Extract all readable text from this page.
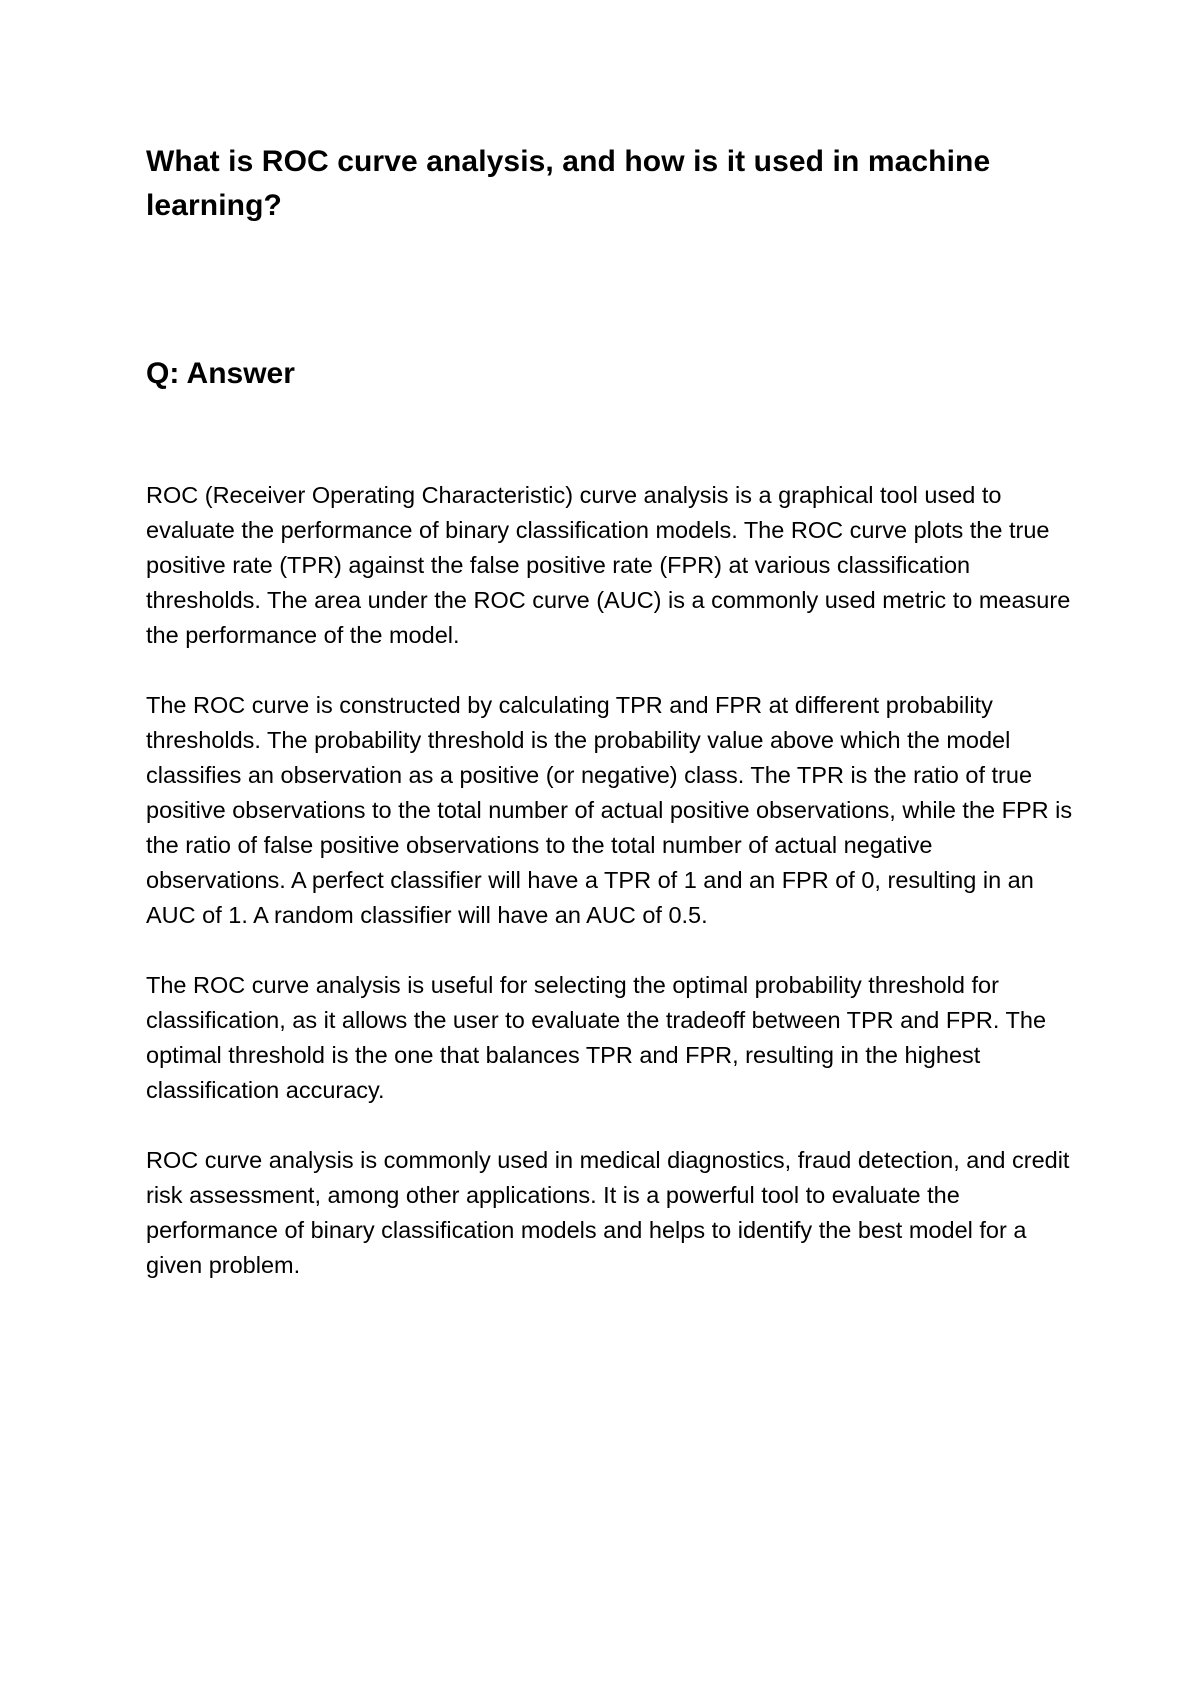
What is ROC curve analysis, and how is it used in machine learning?
Q: Answer

ROC (Receiver Operating Characteristic) curve analysis is a graphical tool used to evaluate the performance of binary classification models. The ROC curve plots the true positive rate (TPR) against the false positive rate (FPR) at various classification thresholds. The area under the ROC curve (AUC) is a commonly used metric to measure the performance of the model.

The ROC curve is constructed by calculating TPR and FPR at different probability thresholds. The probability threshold is the probability value above which the model classifies an observation as a positive (or negative) class. The TPR is the ratio of true positive observations to the total number of actual positive observations, while the FPR is the ratio of false positive observations to the total number of actual negative observations. A perfect classifier will have a TPR of 1 and an FPR of 0, resulting in an AUC of 1. A random classifier will have an AUC of 0.5.

The ROC curve analysis is useful for selecting the optimal probability threshold for classification, as it allows the user to evaluate the tradeoff between TPR and FPR. The optimal threshold is the one that balances TPR and FPR, resulting in the highest classification accuracy.

ROC curve analysis is commonly used in medical diagnostics, fraud detection, and credit risk assessment, among other applications. It is a powerful tool to evaluate the performance of binary classification models and helps to identify the best model for a given problem.
